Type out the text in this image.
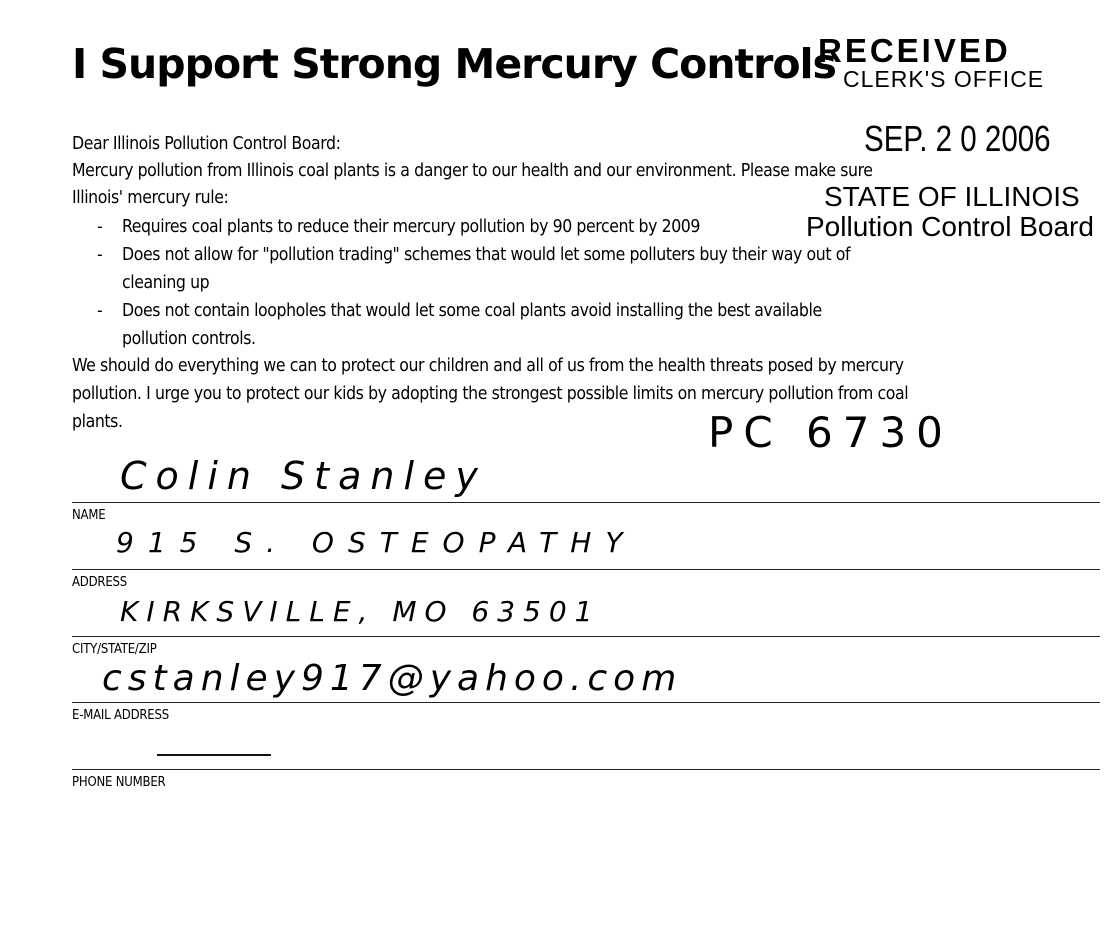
I Support Strong Mercury Controls
RECEIVED
CLERK'S OFFICE
SEP. 2 0 2006
STATE OF ILLINOIS
Pollution Control Board
Dear Illinois Pollution Control Board:
Mercury pollution from Illinois coal plants is a danger to our health and our environment. Please make sure
Illinois' mercury rule:
- Requires coal plants to reduce their mercury pollution by 90 percent by 2009
- Does not allow for "pollution trading" schemes that would let some polluters buy their way out of
cleaning up
- Does not contain loopholes that would let some coal plants avoid installing the best available
pollution controls.
We should do everything we can to protect our children and all of us from the health threats posed by mercury
pollution. I urge you to protect our kids by adopting the strongest possible limits on mercury pollution from coal
plants.	PC 6730
Colin Stanley
NAME
915 S. OSTEOPATHY
ADDRESS
KIRKSVILLE, MO 63501
CITY/STATE/ZIP
cstanley917@yahoo.com
E-MAIL ADDRESS
PHONE NUMBER
